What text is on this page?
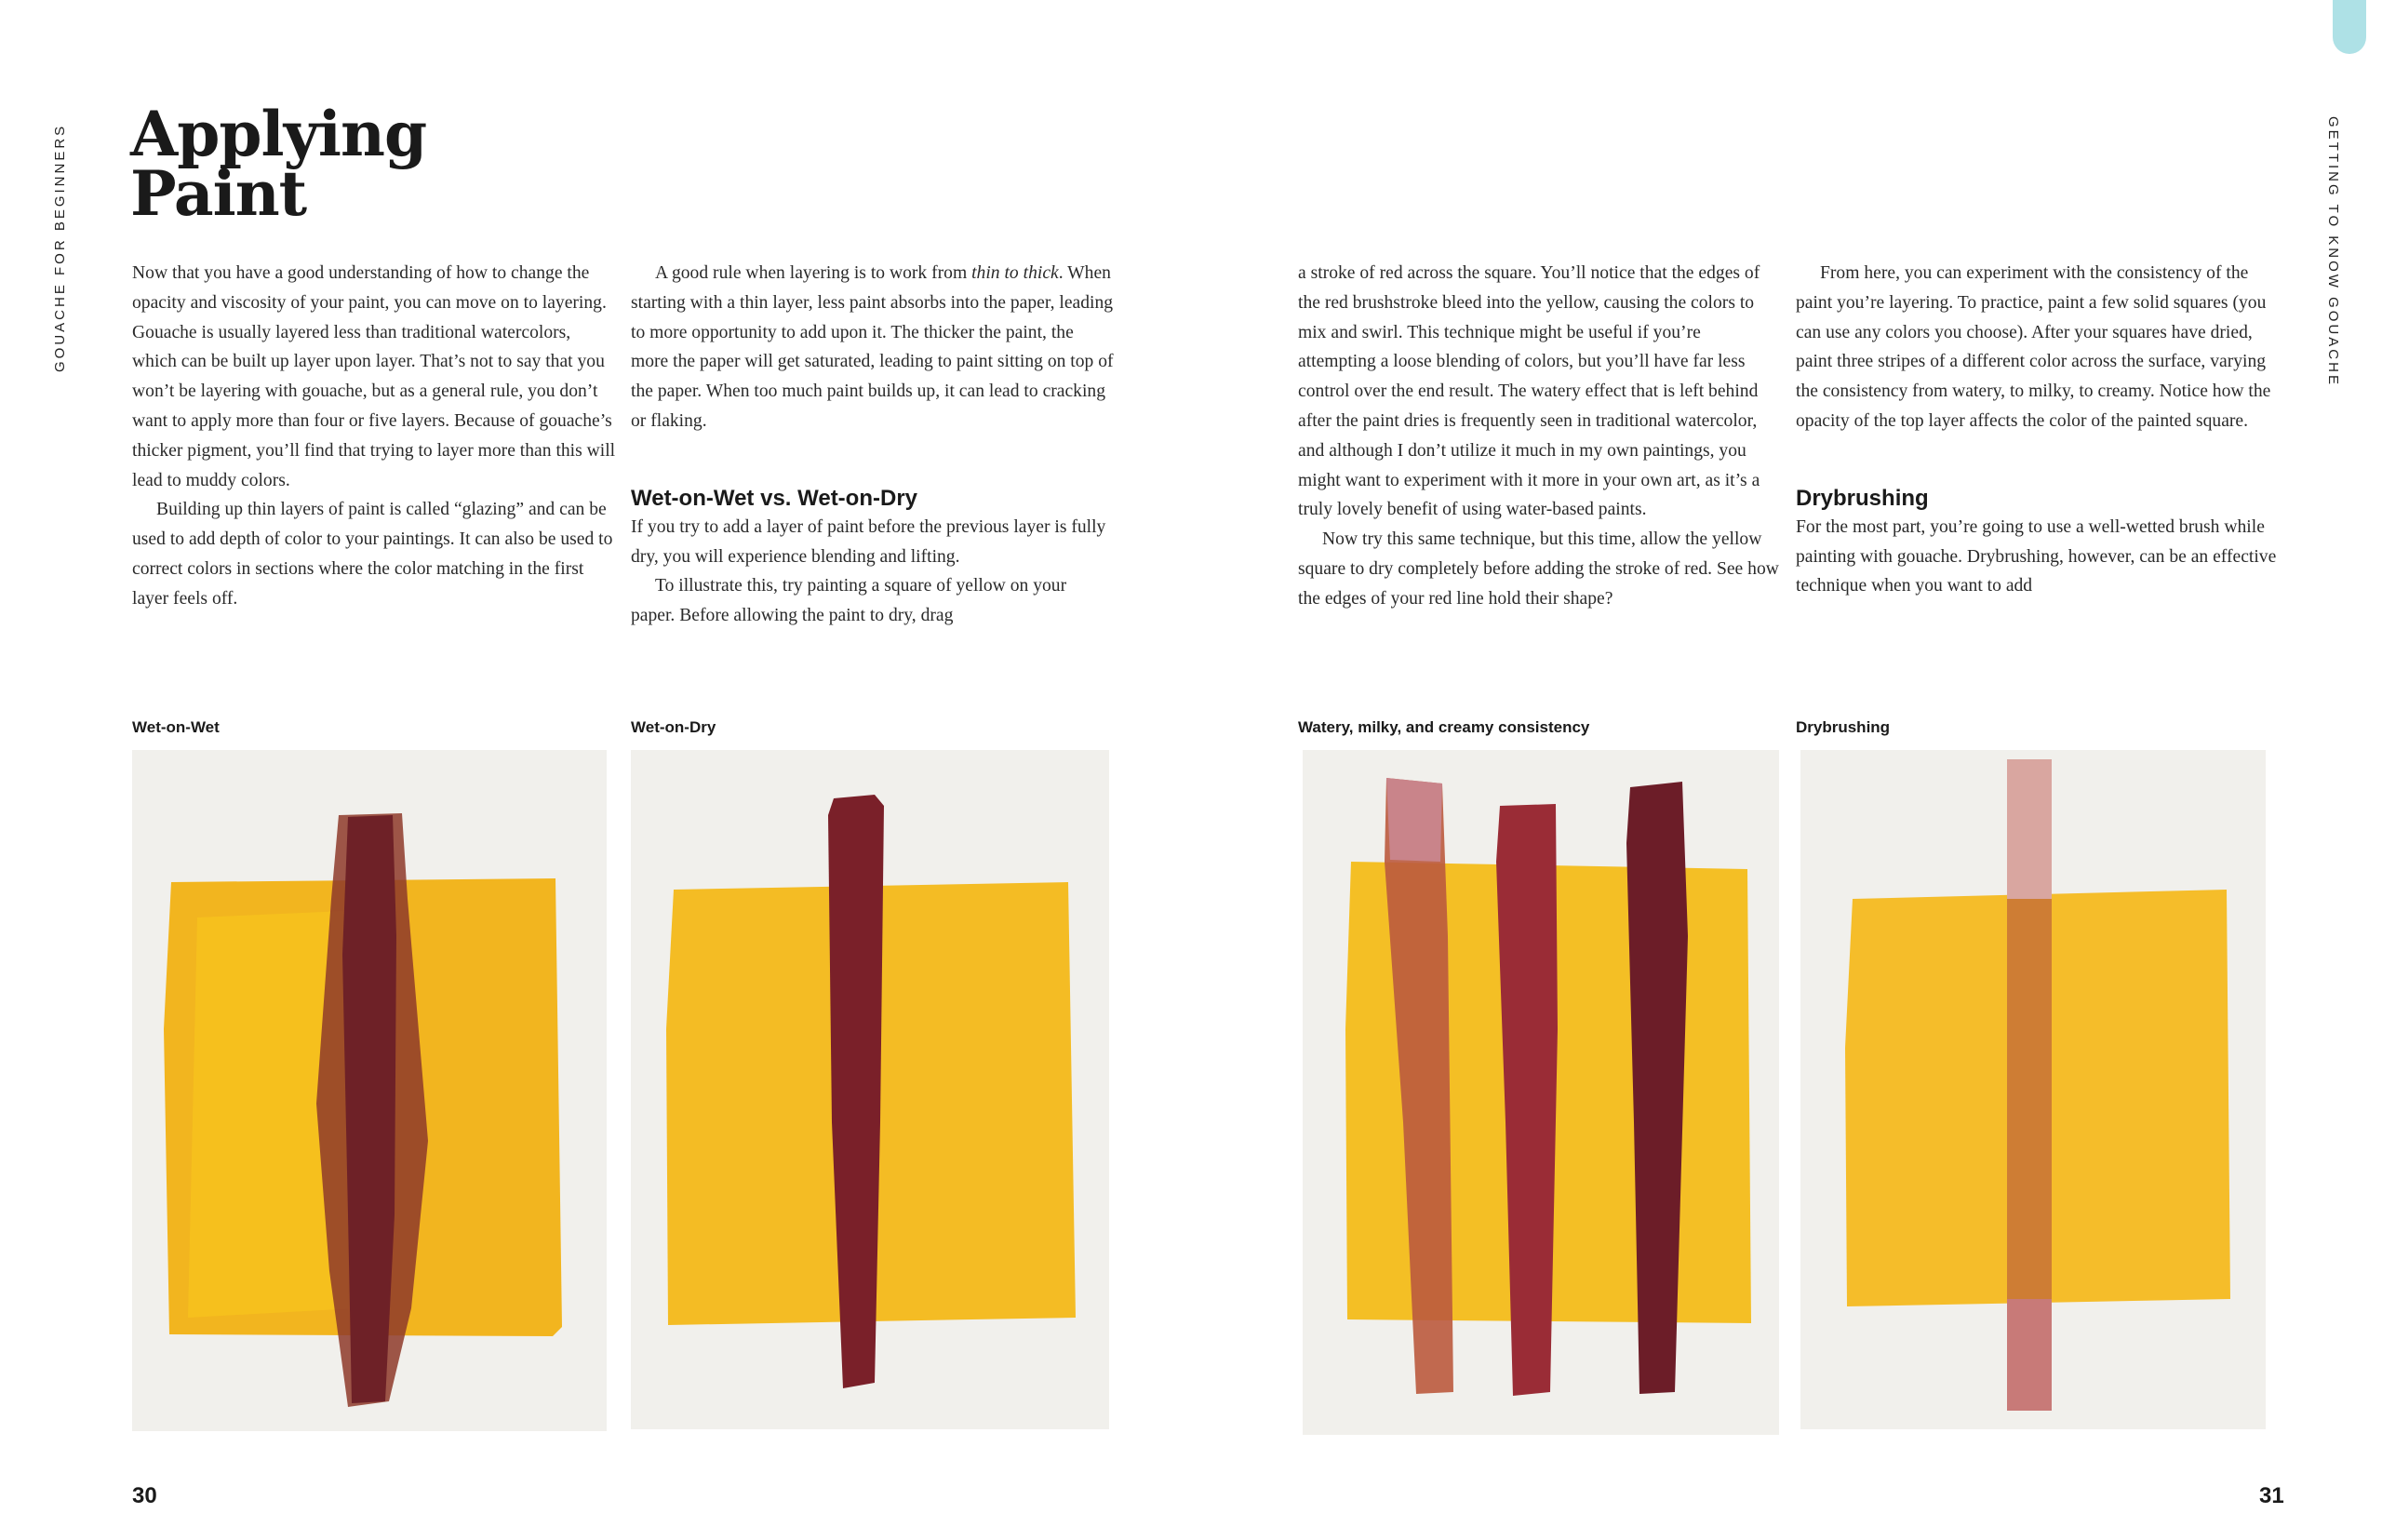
GOUACHE FOR BEGINNERS	GETTING TO KNOW GOUACHE
Applying
Paint

Now that you have a good understanding of how to change the opacity and viscosity of your paint, you can move on to layering. Gouache is usually layered less than traditional watercolors, which can be built up layer upon layer. That’s not to say that you won’t be layering with gouache, but as a general rule, you don’t want to apply more than four or five layers. Because of gouache’s thicker pigment, you’ll find that trying to layer more than this will lead to muddy colors.

Building up thin layers of paint is called “glazing” and can be used to add depth of color to your paintings. It can also be used to correct colors in sections where the color matching in the first layer feels off.

A good rule when layering is to work from thin to thick. When starting with a thin layer, less paint absorbs into the paper, leading to more opportunity to add upon it. The thicker the paint, the more the paper will get saturated, leading to paint sitting on top of the paper. When too much paint builds up, it can lead to cracking or flaking.

Wet-on-Wet vs. Wet-on-Dry

If you try to add a layer of paint before the previous layer is fully dry, you will experience blending and lifting.

To illustrate this, try painting a square of yellow on your paper. Before allowing the paint to dry, drag

a stroke of red across the square. You’ll notice that the edges of the red brushstroke bleed into the yellow, causing the colors to mix and swirl. This technique might be useful if you’re attempting a loose blending of colors, but you’ll have far less control over the end result. The watery effect that is left behind after the paint dries is frequently seen in traditional watercolor, and although I don’t utilize it much in my own paintings, you might want to experiment with it more in your own art, as it’s a truly lovely benefit of using water-based paints.

Now try this same technique, but this time, allow the yellow square to dry completely before adding the stroke of red. See how the edges of your red line hold their shape?

From here, you can experiment with the consistency of the paint you’re layering. To practice, paint a few solid squares (you can use any colors you choose). After your squares have dried, paint three stripes of a different color across the surface, varying the consistency from watery, to milky, to creamy. Notice how the opacity of the top layer affects the color of the painted square.

Drybrushing

For the most part, you’re going to use a well-wetted brush while painting with gouache. Drybrushing, however, can be an effective technique when you want to add

Wet-on-Wet	Wet-on-Dry	Watery, milky, and creamy consistency	Drybrushing
30	31
